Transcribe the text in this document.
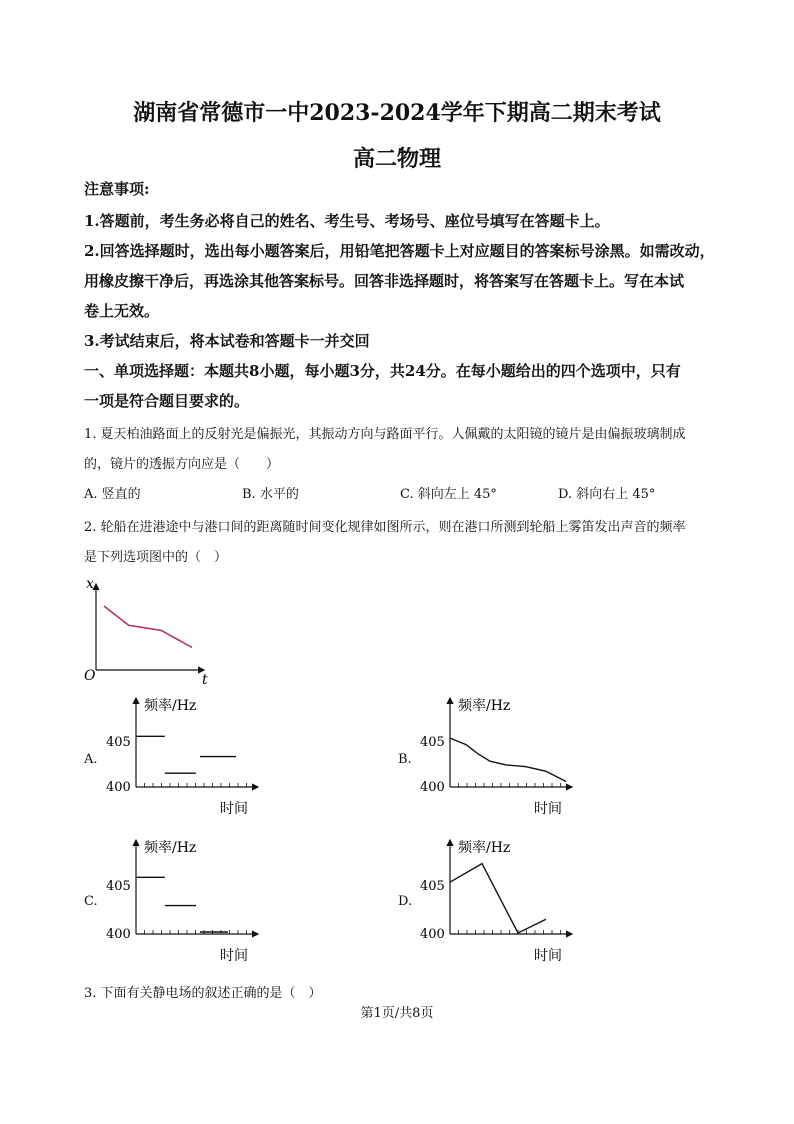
湖南省常德市一中2023-2024学年下期高二期末考试
高二物理
注意事项:
1.答题前，考生务必将自己的姓名、考生号、考场号、座位号填写在答题卡上。
2.回答选择题时，选出每小题答案后，用铅笔把答题卡上对应题目的答案标号涂黑。如需改动，
用橡皮擦干净后，再选涂其他答案标号。回答非选择题时，将答案写在答题卡上。写在本试
卷上无效。
3.考试结束后，将本试卷和答题卡一并交回
一、单项选择题：本题共8小题，每小题3分，共24分。在每小题给出的四个选项中，只有
一项是符合题目要求的。
1. 夏天柏油路面上的反射光是偏振光，其振动方向与路面平行。人佩戴的太阳镜的镜片是由偏振玻璃制成
的，镜片的透振方向应是（　　）
A. 竖直的	B. 水平的	C. 斜向左上 45°	D. 斜向右上 45°
2. 轮船在进港途中与港口间的距离随时间变化规律如图所示，则在港口所测到轮船上雾笛发出声音的频率
是下列选项图中的（　）
x
t
O
A.
405
400
频率/Hz
时间
B.
405
400
频率/Hz
时间
C.
405
400
频率/Hz
时间
D.
405
400
频率/Hz
时间
3. 下面有关静电场的叙述正确的是（　）
第1页/共8页
